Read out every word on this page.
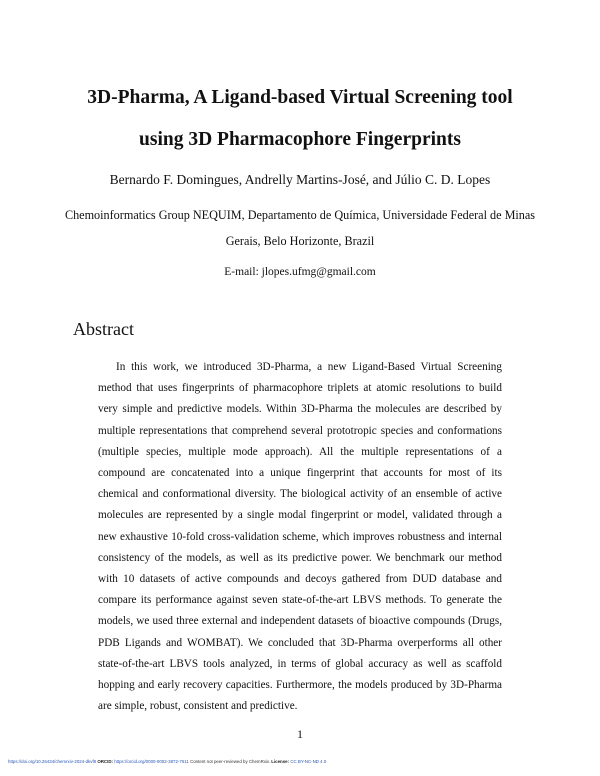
3D-Pharma, A Ligand-based Virtual Screening tool
using 3D Pharmacophore Fingerprints
Bernardo F. Domingues, Andrelly Martins-José, and Júlio C. D. Lopes
Chemoinformatics Group NEQUIM, Departamento de Química, Universidade Federal de Minas
Gerais, Belo Horizonte, Brazil
E-mail: jlopes.ufmg@gmail.com
Abstract

In this work, we introduced 3D-Pharma, a new Ligand-Based Virtual Screening method that uses fingerprints of pharmacophore triplets at atomic resolutions to build very simple and predictive models. Within 3D-Pharma the molecules are described by multiple representations that comprehend several prototropic species and conformations (multiple species, multiple mode approach). All the multiple representations of a compound are concatenated into a unique fingerprint that accounts for most of its chemical and conformational diversity. The biological activity of an ensemble of active molecules are represented by a single modal fingerprint or model, validated through a new exhaustive 10-fold cross-validation scheme, which improves robustness and internal consistency of the models, as well as its predictive power. We benchmark our method with 10 datasets of active compounds and decoys gathered from DUD database and compare its performance against seven state-of-the-art LBVS methods. To generate the models, we used three external and independent datasets of bioactive compounds (Drugs, PDB Ligands and WOMBAT). We concluded that 3D-Pharma overperforms all other state-of-the-art LBVS tools analyzed, in terms of global accuracy as well as scaffold hopping and early recovery capacities. Furthermore, the models produced by 3D-Pharma are simple, robust, consistent and predictive.

1
https://doi.org/10.26434/chemrxiv-2024-dkvf8 ORCID: https://orcid.org/0000-0002-3872-7611 Content not peer-reviewed by ChemRxiv. License: CC BY-NC-ND 4.0
